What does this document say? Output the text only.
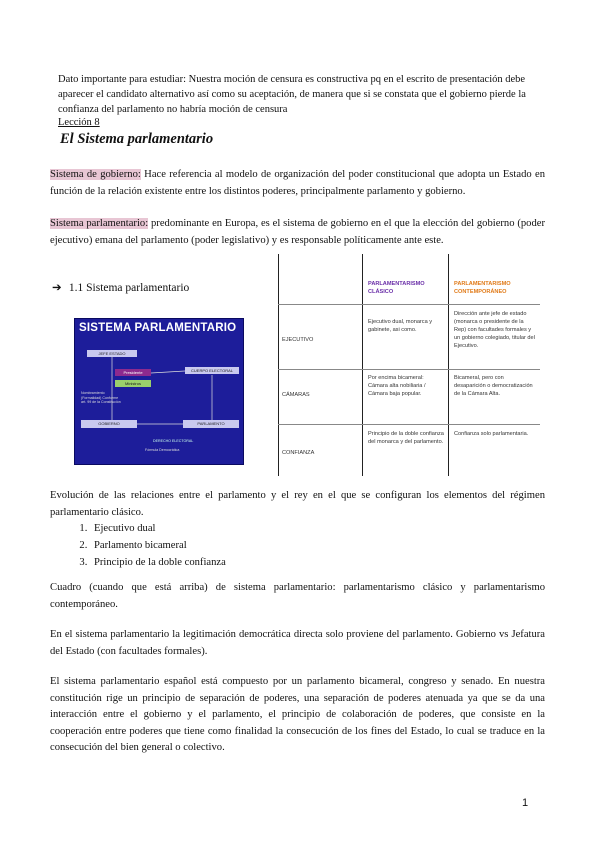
Dato importante para estudiar: Nuestra moción de censura es constructiva pq en el escrito de presentación debe aparecer el candidato alternativo así como su aceptación, de manera que si se constata que el gobierno pierde la confianza del parlamento no habría moción de censura
Lección 8
El Sistema parlamentario
Sistema de gobierno: Hace referencia al modelo de organización del poder constitucional que adopta un Estado en función de la relación existente entre los distintos poderes, principalmente parlamento y gobierno.
Sistema parlamentario: predominante en Europa, es el sistema de gobierno en el que la elección del gobierno (poder ejecutivo) emana del parlamento (poder legislativo) y es responsable políticamente ante este.
➔ 1.1 Sistema parlamentario
SISTEMA PARLAMENTARIO
JEFE ESTADO
CUERPO ELECTORAL
Presidente
Ministros
Nombramiento (Formalidad) Conforme art. 99 de la Constitución
GOBIERNO	PARLAMENTO
DERECHO ELECTORAL
Fórmula Democrática
PARLAMENTARISMO CLÁSICO
PARLAMENTARISMO CONTEMPORÁNEO
EJECUTIVO
Ejecutivo dual, monarca y gabinete, asi como.
Dirección ante jefe de estado (monarca o presidente de la Rep) con facultades formales y un gobierno colegiado, titular del Ejecutivo.
CÁMARAS
Por encima bicameral: Cámara alta nobiliaria / Cámara baja popular.
Bicameral, pero con desaparición o democratización de la Cámara Alta.
CONFIANZA
Principio de la doble confianza del monarca y del parlamento.
Confianza solo parlamentaria.
Evolución de las relaciones entre el parlamento y el rey en el que se configuran los elementos del régimen parlamentario clásico.
1. Ejecutivo dual
2. Parlamento bicameral
3. Principio de la doble confianza
Cuadro (cuando que está arriba) de sistema parlamentario: parlamentarismo clásico y parlamentarismo contemporáneo.
En el sistema parlamentario la legitimación democrática directa solo proviene del parlamento. Gobierno vs Jefatura del Estado (con facultades formales).
El sistema parlamentario español está compuesto por un parlamento bicameral, congreso y senado. En nuestra constitución rige un principio de separación de poderes, una separación de poderes atenuada ya que se da una interacción entre el gobierno y el parlamento, el principio de colaboración de poderes, que consiste en la cooperación entre poderes que tiene como finalidad la consecución de los fines del Estado, lo cual se traduce en la consecución del bien general o colectivo.
1
